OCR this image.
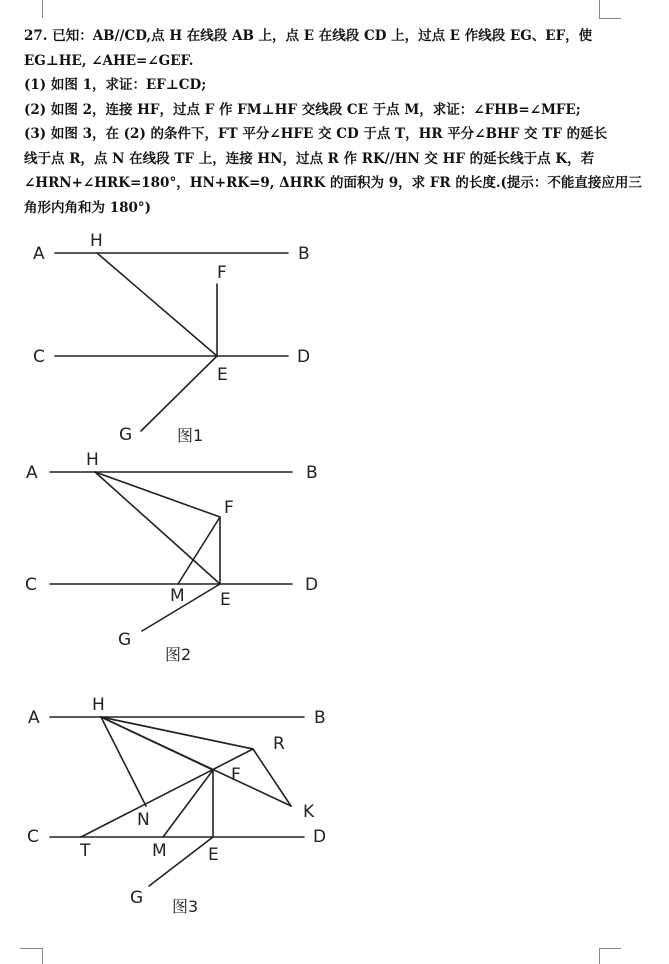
27. 已知：AB//CD,点 H 在线段 AB 上，点 E 在线段 CD 上，过点 E 作线段 EG、EF，使

EG⊥HE, ∠AHE=∠GEF.

(1) 如图 1，求证：EF⊥CD;

(2) 如图 2，连接 HF，过点 F 作 FM⊥HF 交线段 CE 于点 M，求证：∠FHB=∠MFE;

(3) 如图 3，在 (2) 的条件下，FT 平分∠HFE 交 CD 于点 T，HR 平分∠BHF 交 TF 的延长

线于点 R，点 N 在线段 TF 上，连接 HN，过点 R 作 RK//HN 交 HF 的延长线于点 K，若

∠HRN+∠HRK=180°，HN+RK=9, ΔHRK 的面积为 9，求 FR 的长度.(提示：不能直接应用三

角形内角和为 180°)

A
H
B
F
C	D
E
G	图1
A
H
B
F
C
M E
D
G
图2
A
H
B
R
F
K
N
C
T	M E
D
G 图3
